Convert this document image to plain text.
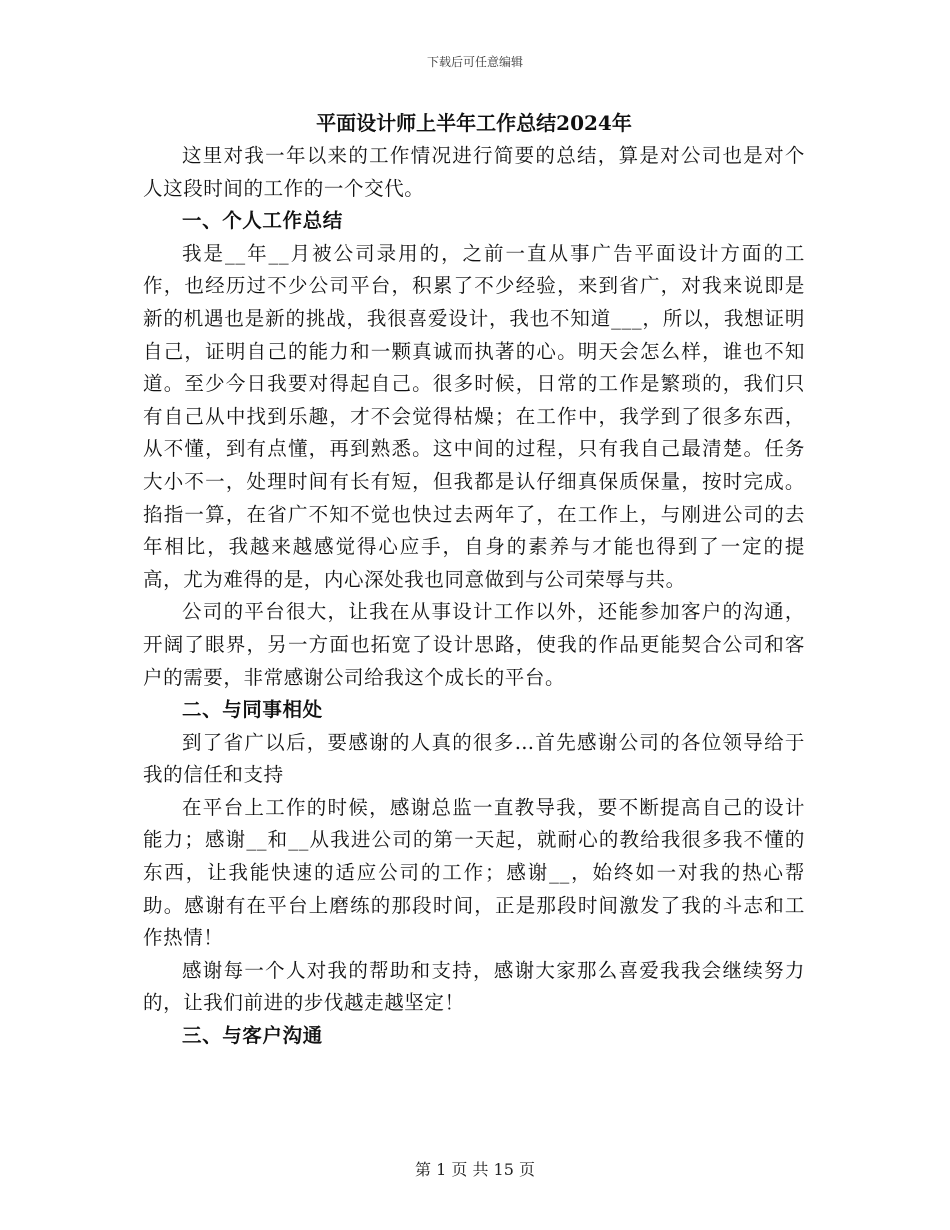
下载后可任意编辑

平面设计师上半年工作总结2024年

这里对我一年以来的工作情况进行简要的总结，算是对公司也是对个人这段时间的工作的一个交代。

一、个人工作总结

我是__年__月被公司录用的，之前一直从事广告平面设计方面的工作，也经历过不少公司平台，积累了不少经验，来到省广，对我来说即是新的机遇也是新的挑战，我很喜爱设计，我也不知道___，所以，我想证明自己，证明自己的能力和一颗真诚而执著的心。明天会怎么样，谁也不知道。至少今日我要对得起自己。很多时候，日常的工作是繁琐的，我们只有自己从中找到乐趣，才不会觉得枯燥；在工作中，我学到了很多东西，从不懂，到有点懂，再到熟悉。这中间的过程，只有我自己最清楚。任务大小不一，处理时间有长有短，但我都是认仔细真保质保量，按时完成。掐指一算，在省广不知不觉也快过去两年了，在工作上，与刚进公司的去年相比，我越来越感觉得心应手，自身的素养与才能也得到了一定的提高，尤为难得的是，内心深处我也同意做到与公司荣辱与共。

公司的平台很大，让我在从事设计工作以外，还能参加客户的沟通，开阔了眼界，另一方面也拓宽了设计思路，使我的作品更能契合公司和客户的需要，非常感谢公司给我这个成长的平台。

二、与同事相处

到了省广以后，要感谢的人真的很多…首先感谢公司的各位领导给于我的信任和支持

在平台上工作的时候，感谢总监一直教导我，要不断提高自己的设计能力；感谢__和__从我进公司的第一天起，就耐心的教给我很多我不懂的东西，让我能快速的适应公司的工作；感谢__，始终如一对我的热心帮助。感谢有在平台上磨练的那段时间，正是那段时间激发了我的斗志和工作热情！

感谢每一个人对我的帮助和支持，感谢大家那么喜爱我我会继续努力的，让我们前进的步伐越走越坚定！

三、与客户沟通

第 1 页 共 15 页
